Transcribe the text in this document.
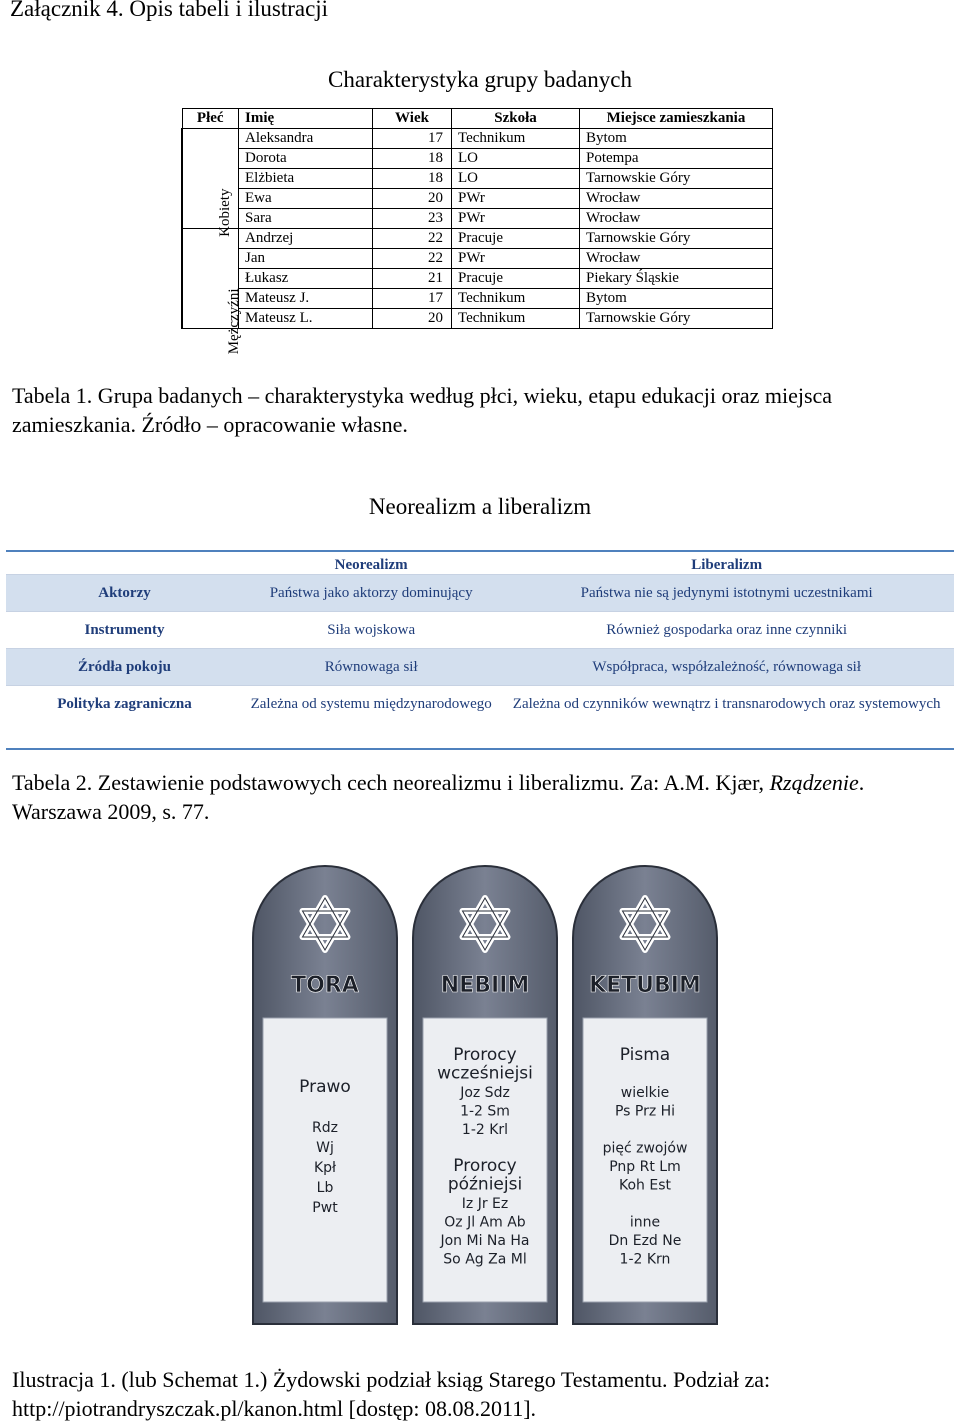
Załącznik 4. Opis tabeli i ilustracji
Charakterystyka grupy badanych
Płeć	Imię	Wiek	Szkoła	Miejsce zamieszkania

Kobiety	Aleksandra	17	Technikum	Bytom
	Dorota	18	LO	Potempa
	Elżbieta	18	LO	Tarnowskie Góry
	Ewa	20	PWr	Wrocław
	Sara	23	PWr	Wrocław

Mężczyźni	Andrzej	22	Pracuje	Tarnowskie Góry
	Jan	22	PWr	Wrocław
	Łukasz	21	Pracuje	Piekary Śląskie
	Mateusz J.	17	Technikum	Bytom
	Mateusz L.	20	Technikum	Tarnowskie Góry
Tabela 1. Grupa badanych – charakterystyka według płci, wieku, etapu edukacji oraz miejsca zamieszkania. Źródło – opracowanie własne.
Neorealizm a liberalizm
	Neorealizm	Liberalizm
Aktorzy	Państwa jako aktorzy dominujący	Państwa nie są jedynymi istotnymi uczestnikami
Instrumenty	Siła wojskowa	Również gospodarka oraz inne czynniki
Źródła pokoju	Równowaga sił	Współpraca, współzależność, równowaga sił
Polityka zagraniczna	Zależna od systemu międzynarodowego	Zależna od czynników wewnątrz i transnarodowych oraz systemowych
Tabela 2. Zestawienie podstawowych cech neorealizmu i liberalizmu. Za: A.M. Kjær, Rządzenie. Warszawa 2009, s. 77.
TORA
Prawo
Rdz
Wj
Kpł
Lb
Pwt
NEBIIM
Prorocy
wcześniejsi
Joz Sdz
1-2 Sm
1-2 Krl
Prorocy
późniejsi
Iz Jr Ez
Oz Jl Am Ab
Jon Mi Na Ha
So Ag Za Ml
KETUBIM
Pisma
wielkie
Ps Prz Hi
pięć zwojów
Pnp Rt Lm
Koh Est
inne
Dn Ezd Ne
1-2 Krn
Ilustracja 1. (lub Schemat 1.) Żydowski podział ksiąg Starego Testamentu. Podział za: http://piotrandryszczak.pl/kanon.html [dostęp: 08.08.2011].
